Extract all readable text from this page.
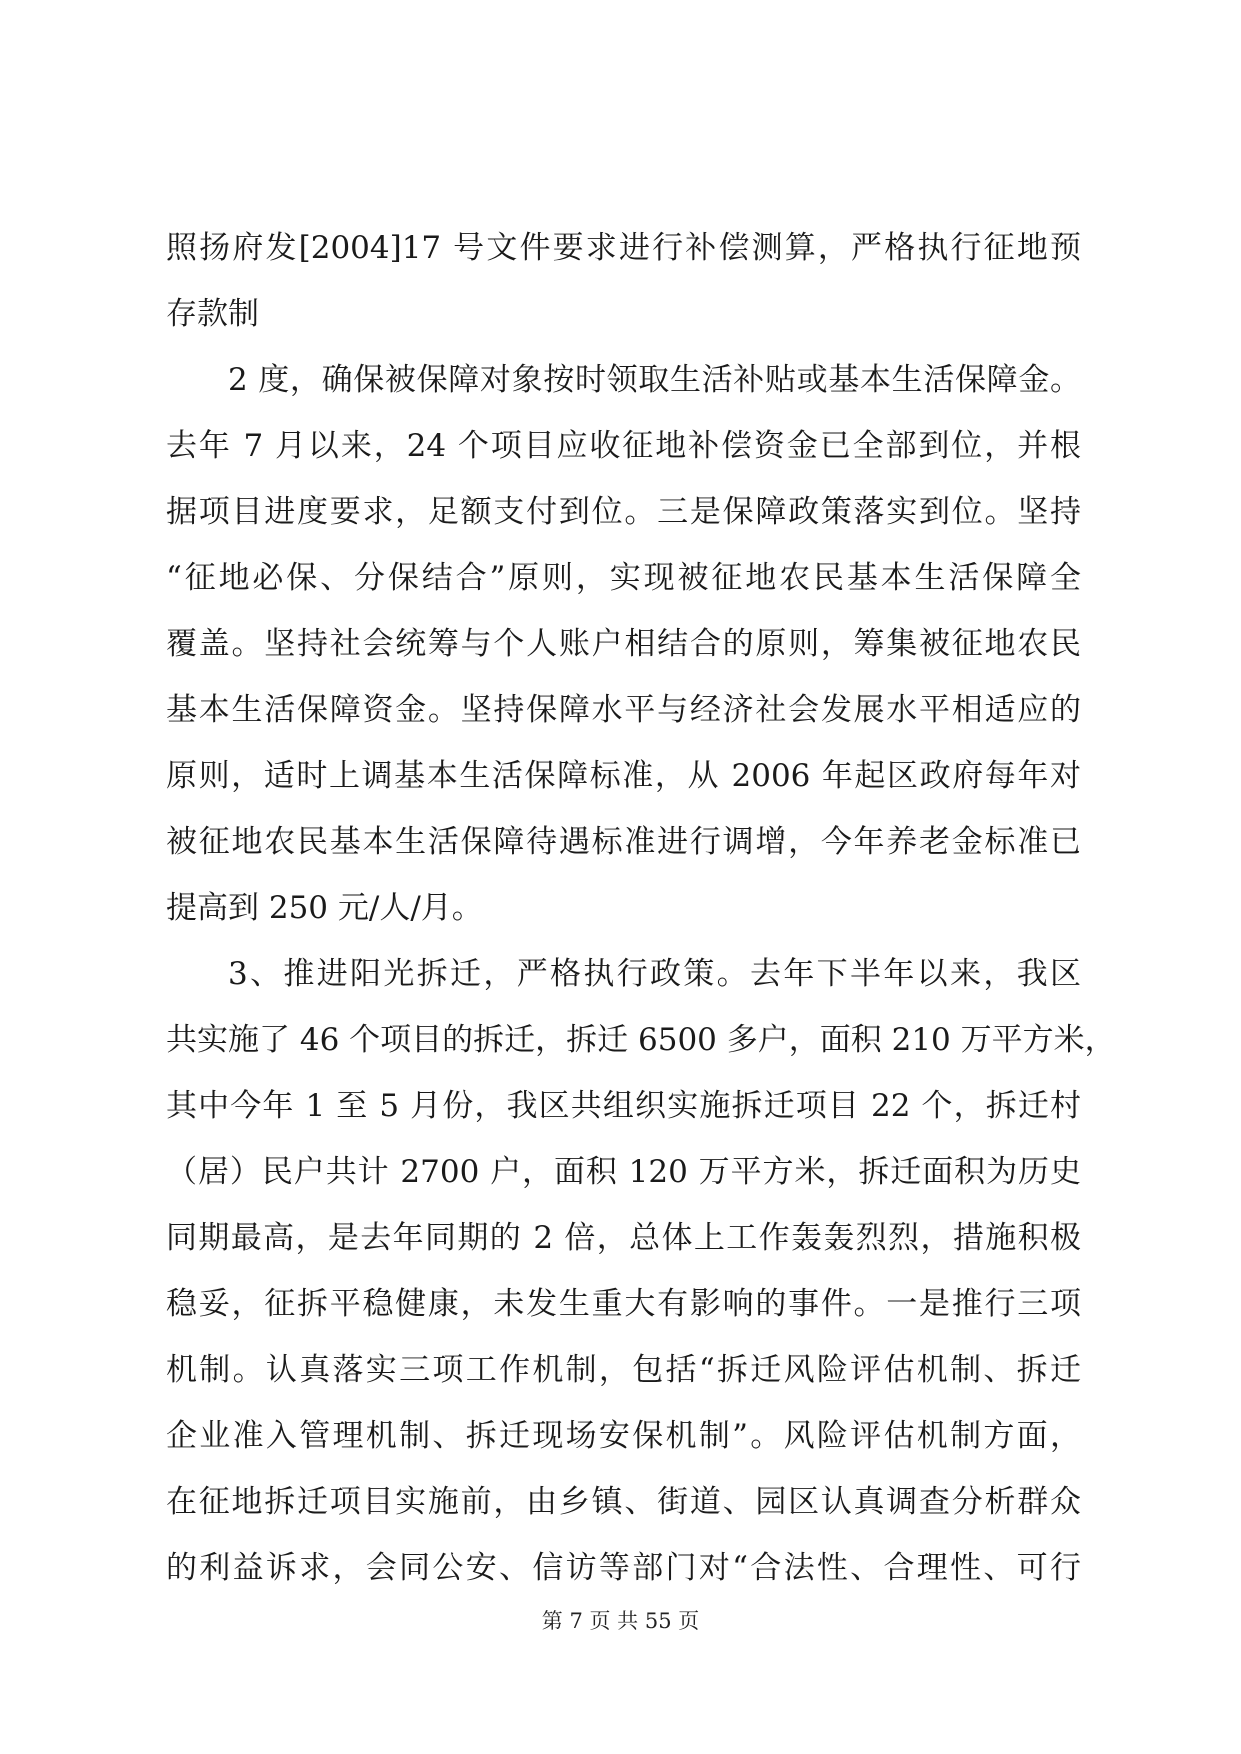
照扬府发[2004]17 号文件要求进行补偿测算，严格执行征地预
存款制
2 度，确保被保障对象按时领取生活补贴或基本生活保障金。
去年 7 月以来，24 个项目应收征地补偿资金已全部到位，并根
据项目进度要求，足额支付到位。三是保障政策落实到位。坚持
“征地必保、分保结合”原则，实现被征地农民基本生活保障全
覆盖。坚持社会统筹与个人账户相结合的原则，筹集被征地农民
基本生活保障资金。坚持保障水平与经济社会发展水平相适应的
原则，适时上调基本生活保障标准，从 2006 年起区政府每年对
被征地农民基本生活保障待遇标准进行调增，今年养老金标准已
提高到 250 元/人/月。
3、推进阳光拆迁，严格执行政策。去年下半年以来，我区
共实施了 46 个项目的拆迁，拆迁 6500 多户，面积 210 万平方米，
其中今年 1 至 5 月份，我区共组织实施拆迁项目 22 个，拆迁村
（居）民户共计 2700 户，面积 120 万平方米，拆迁面积为历史
同期最高，是去年同期的 2 倍，总体上工作轰轰烈烈，措施积极
稳妥，征拆平稳健康，未发生重大有影响的事件。一是推行三项
机制。认真落实三项工作机制，包括“拆迁风险评估机制、拆迁
企业准入管理机制、拆迁现场安保机制”。风险评估机制方面，
在征地拆迁项目实施前，由乡镇、街道、园区认真调查分析群众
的利益诉求，会同公安、信访等部门对“合法性、合理性、可行
第 7 页 共 55 页
